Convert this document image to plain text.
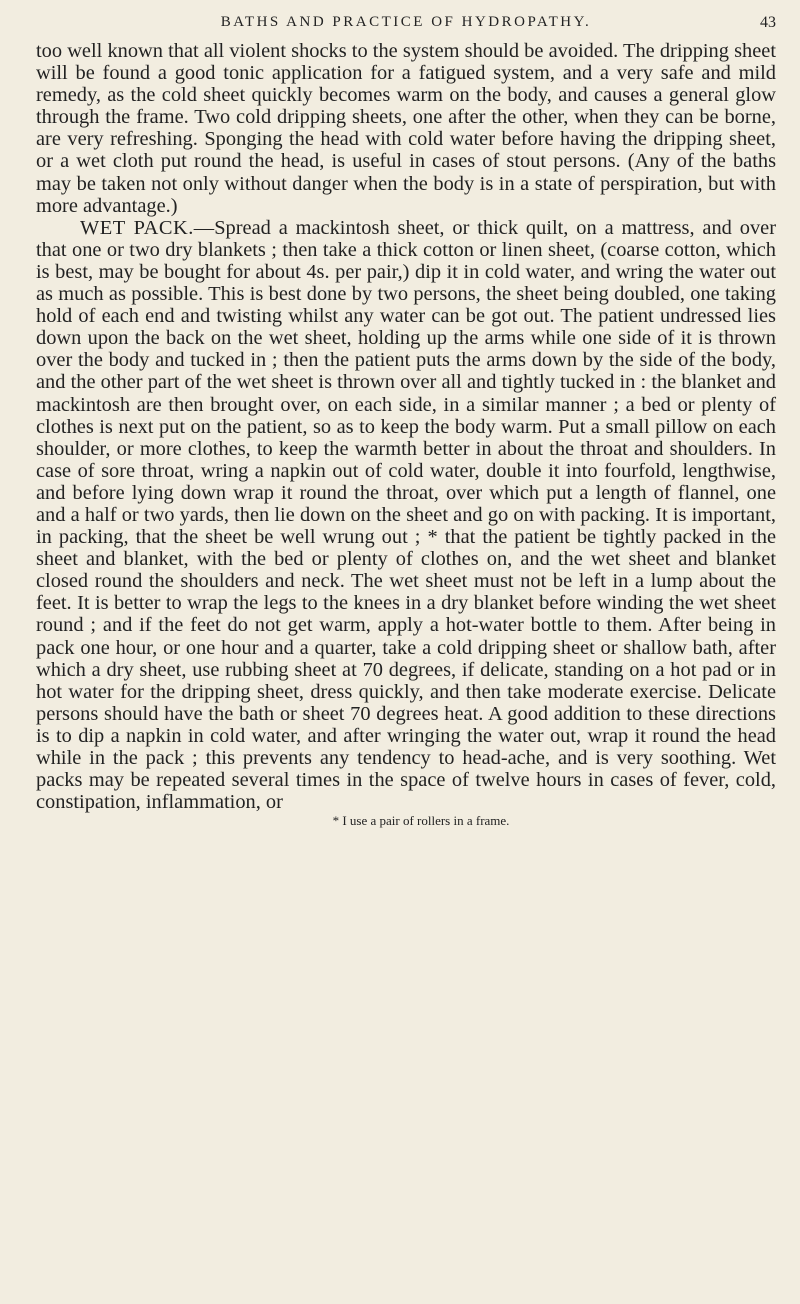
BATHS AND PRACTICE OF HYDROPATHY.	43

too well known that all violent shocks to the system should be avoided. The dripping sheet will be found a good tonic application for a fatigued system, and a very safe and mild remedy, as the cold sheet quickly becomes warm on the body, and causes a general glow through the frame. Two cold dripping sheets, one after the other, when they can be borne, are very refreshing. Sponging the head with cold water before having the dripping sheet, or a wet cloth put round the head, is useful in cases of stout persons. (Any of the baths may be taken not only without danger when the body is in a state of perspiration, but with more advantage.)

WET PACK.—Spread a mackintosh sheet, or thick quilt, on a mattress, and over that one or two dry blankets ; then take a thick cotton or linen sheet, (coarse cotton, which is best, may be bought for about 4s. per pair,) dip it in cold water, and wring the water out as much as possible. This is best done by two persons, the sheet being doubled, one taking hold of each end and twisting whilst any water can be got out. The patient undressed lies down upon the back on the wet sheet, holding up the arms while one side of it is thrown over the body and tucked in ; then the patient puts the arms down by the side of the body, and the other part of the wet sheet is thrown over all and tightly tucked in : the blanket and mackintosh are then brought over, on each side, in a similar manner ; a bed or plenty of clothes is next put on the patient, so as to keep the body warm. Put a small pillow on each shoulder, or more clothes, to keep the warmth better in about the throat and shoulders. In case of sore throat, wring a napkin out of cold water, double it into fourfold, lengthwise, and before lying down wrap it round the throat, over which put a length of flannel, one and a half or two yards, then lie down on the sheet and go on with packing. It is important, in packing, that the sheet be well wrung out ; * that the patient be tightly packed in the sheet and blanket, with the bed or plenty of clothes on, and the wet sheet and blanket closed round the shoulders and neck. The wet sheet must not be left in a lump about the feet. It is better to wrap the legs to the knees in a dry blanket before winding the wet sheet round ; and if the feet do not get warm, apply a hot-water bottle to them. After being in pack one hour, or one hour and a quarter, take a cold dripping sheet or shallow bath, after which a dry sheet, use rubbing sheet at 70 degrees, if delicate, standing on a hot pad or in hot water for the dripping sheet, dress quickly, and then take moderate exercise. Delicate persons should have the bath or sheet 70 degrees heat. A good addition to these directions is to dip a napkin in cold water, and after wringing the water out, wrap it round the head while in the pack ; this prevents any tendency to head-ache, and is very soothing. Wet packs may be repeated several times in the space of twelve hours in cases of fever, cold, constipation, inflammation, or

* I use a pair of rollers in a frame.
